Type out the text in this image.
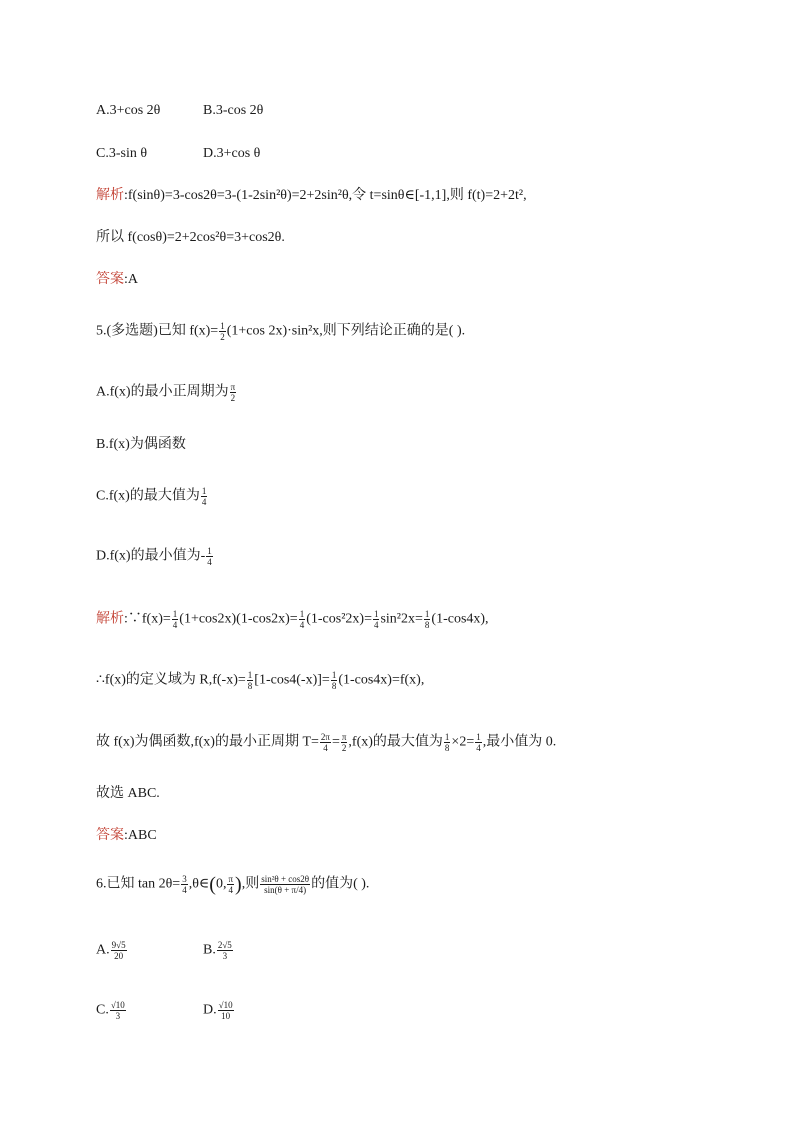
A.3+cos 2θ	B.3-cos 2θ
C.3-sin θ	D.3+cos θ
解析:f(sinθ)=3-cos2θ=3-(1-2sin²θ)=2+2sin²θ,令 t=sinθ∈[-1,1],则 f(t)=2+2t²,
所以 f(cosθ)=2+2cos²θ=3+cos2θ.
答案:A
5.(多选题)已知 $f(x)= \frac{1}{2} (1+\cos$ 2x)·sin²x,则下列结论正确的是( ).
A.f(x)的最小正周期为 $\frac{\pi}{2}$
B.f(x)为偶函数
C.f(x)的最大值为 $\frac{1}{4}$
D.f(x)的最小值为- $\frac{1}{4}$
解析:∵f(x)= $\frac{1}{4} (1+\cos 2x)(1-\cos 2x)= \frac{1}{4} (1-\cos^22x)= \frac{1}{4} \sin^22x= \frac{1}{8} (1-\cos 4x)$,
∴f(x)的定义域为 $R,f(-x)= \frac{1}{8} [1-\cos 4(-x)]= \frac{1}{8} (1-\cos 4x)=f(x)$,
故 f(x)为偶函数,f(x)的最小正周期 $T= \frac{2\pi}{4} = \frac{\pi}{2} ,f(x)$的最大值为 $\frac{1}{8} \times 2= \frac{1}{4}$ ,最小值为 0.
故选 ABC.
答案:ABC
6.已知 $\tan 2\theta= \frac{3}{4}$ ,θ∈(0, $\frac{\pi}{4}$ ),则 $\frac{\text{sin²θ + cos2θ}}{\sin(\theta + \pi/4)}$ 的值为( ).
A. $\frac{9√5}{20}$	B. $\frac{2√5}{3}$
C. $\frac{√10}{3}$	D. $\frac{√10}{10}$
